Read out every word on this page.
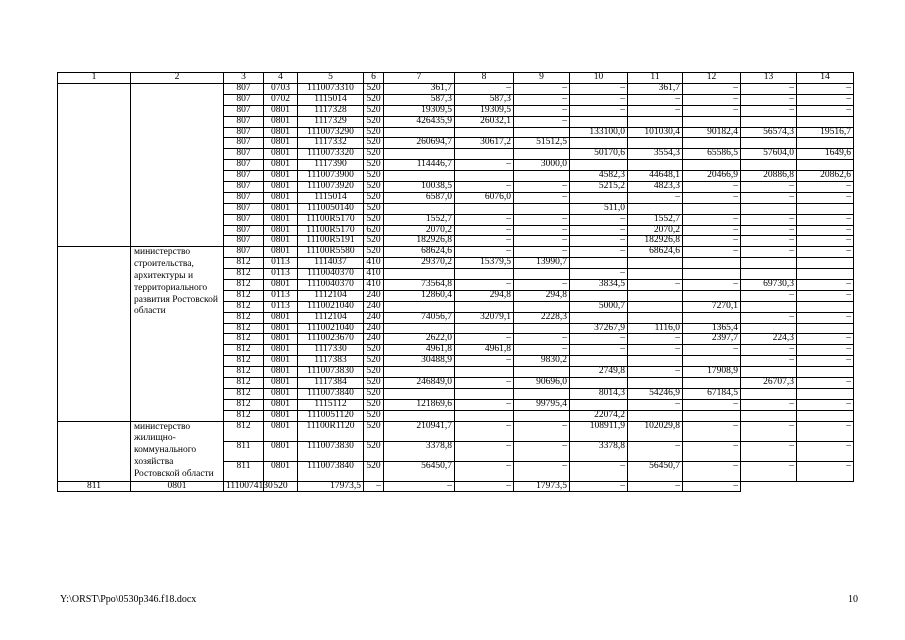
1	2	3	4	5	6	7	8	9	10	11	12	13	14
		807	0703	1110073310	520	361,7	–	–	–	361,7	–	–	–
		807	0702	1115014	520	587,3	587,3	–	–	–	–	–	–
		807	0801	1117328	520	19309,5	19309,5	–	–	–	–	–	–
		807	0801	1117329	520	426435,9	26032,1	–					
		807	0801	1110073290	520				133100,0	101030,4	90182,4	56574,3	19516,7
		807	0801	1117332	520	260694,7	30617,2	51512,5					
		807	0801	1110073320	520				50170,6	3554,3	65586,5	57604,0	1649,6
		807	0801	1117390	520	114446,7	–	3000,0					
		807	0801	1110073900	520				4582,3	44648,1	20466,9	20886,8	20862,6
		807	0801	1110073920	520	10038,5	–	–	5215,2	4823,3	–	–	–
		807	0801	1115014	520	6587,0	6076,0	–		–	–	–	–
		807	0801	1110050140	520				511,0				
		807	0801	11100R5170	520	1552,7	–	–	–	1552,7	–	–	–
		807	0801	11100R5170	620	2070,2	–	–	–	2070,2	–	–	–
		807	0801	11100R5191	520	182926,8	–	–	–	182926,8	–	–	–
	министерство строительства, архитектуры и территориального развития Ростовской области	807	0801	11100R5580	520	68624,6	–	–	–	68624,6	–	–	–
		812	0113	1114037	410	29370,2	15379,5	13990,7					
		812	0113	1110040370	410				–				
		812	0801	1110040370	410	73564,8	–	–	3834,5	–	–	69730,3	–
		812	0113	1112104	240	12860,4	294,8	294,8				–	–
		812	0113	1110021040	240				5000,7		7270,1		
		812	0801	1112104	240	74056,7	32079,1	2228,3				–	–
		812	0801	1110021040	240				37267,9	1116,0	1365,4		
		812	0801	1110023670	240	2622,0	–	–	–	–	2397,7	224,3	–
		812	0801	1117330	520	4961,8	4961,8	–	–	–	–	–	–
		812	0801	1117383	520	30488,9	–	9830,2				–	–
		812	0801	1110073830	520				2749,8	–	17908,9		
		812	0801	1117384	520	246849,0	–	90696,0				26707,3	–
		812	0801	1110073840	520				8014,3	54246,9	67184,5		
		812	0801	1115112	520	121869,6	–	99795,4		–	–	–	–
		812	0801	1110051120	520				22074,2				
	министерство жилищно-коммунального хозяйства Ростовской области	812	0801	11100R1120	520	210941,7	–	–	108911,9	102029,8	–	–	–
		811	0801	1110073830	520	3378,8	–	–	3378,8	–	–	–	–
		811	0801	1110073840	520	56450,7	–	–	–	56450,7	–	–	–
811	0801	1110074130	520	17973,5	–	–	–	17973,5	–	–	–		
Y:\ORST\Ppo\0530p346.f18.docx	10
